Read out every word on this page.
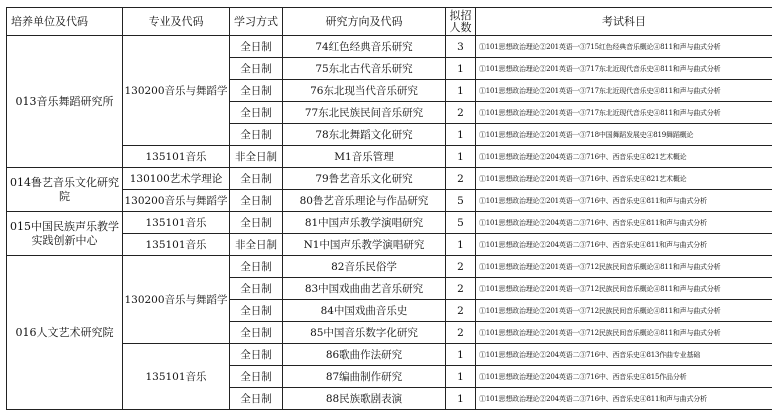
培养单位及代码	专业及代码	学习方式	研究方向及代码	拟招人数	考试科目
013音乐舞蹈研究所	130200音乐与舞蹈学	全日制	74红色经典音乐研究	3	①101思想政治理论②201英语一③715红色经典音乐概论④811和声与曲式分析
		全日制	75东北古代音乐研究	1	①101思想政治理论②201英语一③717东北近现代音乐史④811和声与曲式分析
		全日制	76东北现当代音乐研究	1	①101思想政治理论②201英语一③717东北近现代音乐史④811和声与曲式分析
		全日制	77东北民族民间音乐研究	2	①101思想政治理论②201英语一③717东北近现代音乐史④811和声与曲式分析
		全日制	78东北舞蹈文化研究	1	①101思想政治理论②201英语一③718中国舞蹈发展史④819舞蹈概论
	135101音乐	非全日制	M1音乐管理	1	①101思想政治理论②204英语二③716中、西音乐史④821艺术概论
014鲁艺音乐文化研究院	130100艺术学理论	全日制	79鲁艺音乐文化研究	2	①101思想政治理论②201英语一③716中、西音乐史④821艺术概论
	130200音乐与舞蹈学	全日制	80鲁艺音乐理论与作品研究	5	①101思想政治理论②201英语一③716中、西音乐史④811和声与曲式分析
015中国民族声乐教学实践创新中心	135101音乐	全日制	81中国声乐教学演唱研究	5	①101思想政治理论②204英语二③716中、西音乐史④811和声与曲式分析
	135101音乐	非全日制	N1中国声乐教学演唱研究	1	①101思想政治理论②204英语二③716中、西音乐史④811和声与曲式分析
016人文艺术研究院	130200音乐与舞蹈学	全日制	82音乐民俗学	2	①101思想政治理论②201英语一③712民族民间音乐概论④811和声与曲式分析
		全日制	83中国戏曲曲艺音乐研究	2	①101思想政治理论②201英语一③712民族民间音乐概论④811和声与曲式分析
		全日制	84中国戏曲音乐史	2	①101思想政治理论②201英语一③712民族民间音乐概论④811和声与曲式分析
		全日制	85中国音乐数字化研究	2	①101思想政治理论②201英语一③712民族民间音乐概论④811和声与曲式分析
	135101音乐	全日制	86歌曲作法研究	1	①101思想政治理论②204英语二③716中、西音乐史④813作曲专业基础
		全日制	87编曲制作研究	1	①101思想政治理论②204英语二③716中、西音乐史④815作品分析
		全日制	88民族歌剧表演	1	①101思想政治理论②204英语二③716中、西音乐史④811和声与曲式分析
